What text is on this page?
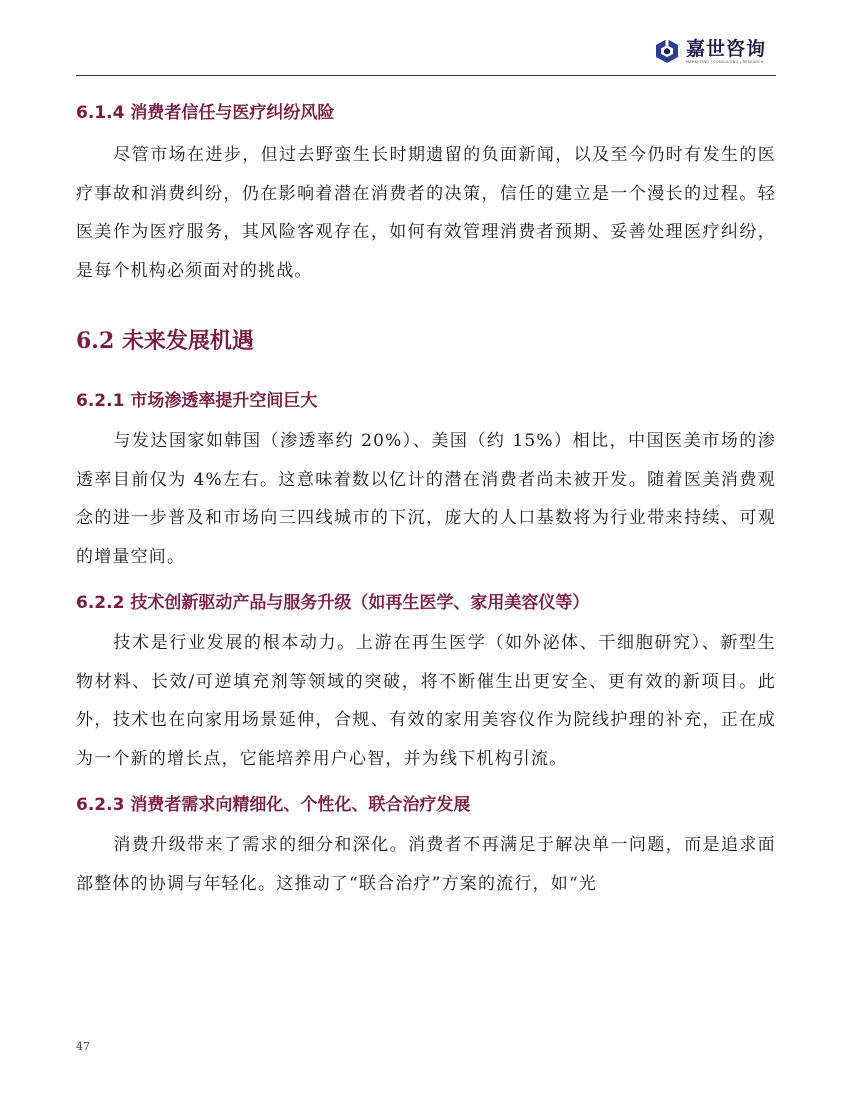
嘉世咨询
MARKETING | CONSULTING | RESEARCH
6.1.4 消费者信任与医疗纠纷风险

尽管市场在进步，但过去野蛮生长时期遗留的负面新闻，以及至今仍时有发生的医疗事故和消费纠纷，仍在影响着潜在消费者的决策，信任的建立是一个漫长的过程。轻医美作为医疗服务，其风险客观存在，如何有效管理消费者预期、妥善处理医疗纠纷，是每个机构必须面对的挑战。

6.2 未来发展机遇
6.2.1 市场渗透率提升空间巨大

与发达国家如韩国（渗透率约 20%）、美国（约 15%）相比，中国医美市场的渗透率目前仅为 4%左右。这意味着数以亿计的潜在消费者尚未被开发。随着医美消费观念的进一步普及和市场向三四线城市的下沉，庞大的人口基数将为行业带来持续、可观的增量空间。

6.2.2 技术创新驱动产品与服务升级（如再生医学、家用美容仪等）

技术是行业发展的根本动力。上游在再生医学（如外泌体、干细胞研究）、新型生物材料、长效/可逆填充剂等领域的突破，将不断催生出更安全、更有效的新项目。此外，技术也在向家用场景延伸，合规、有效的家用美容仪作为院线护理的补充，正在成为一个新的增长点，它能培养用户心智，并为线下机构引流。

6.2.3 消费者需求向精细化、个性化、联合治疗发展

消费升级带来了需求的细分和深化。消费者不再满足于解决单一问题，而是追求面部整体的协调与年轻化。这推动了“联合治疗”方案的流行，如“光

47
